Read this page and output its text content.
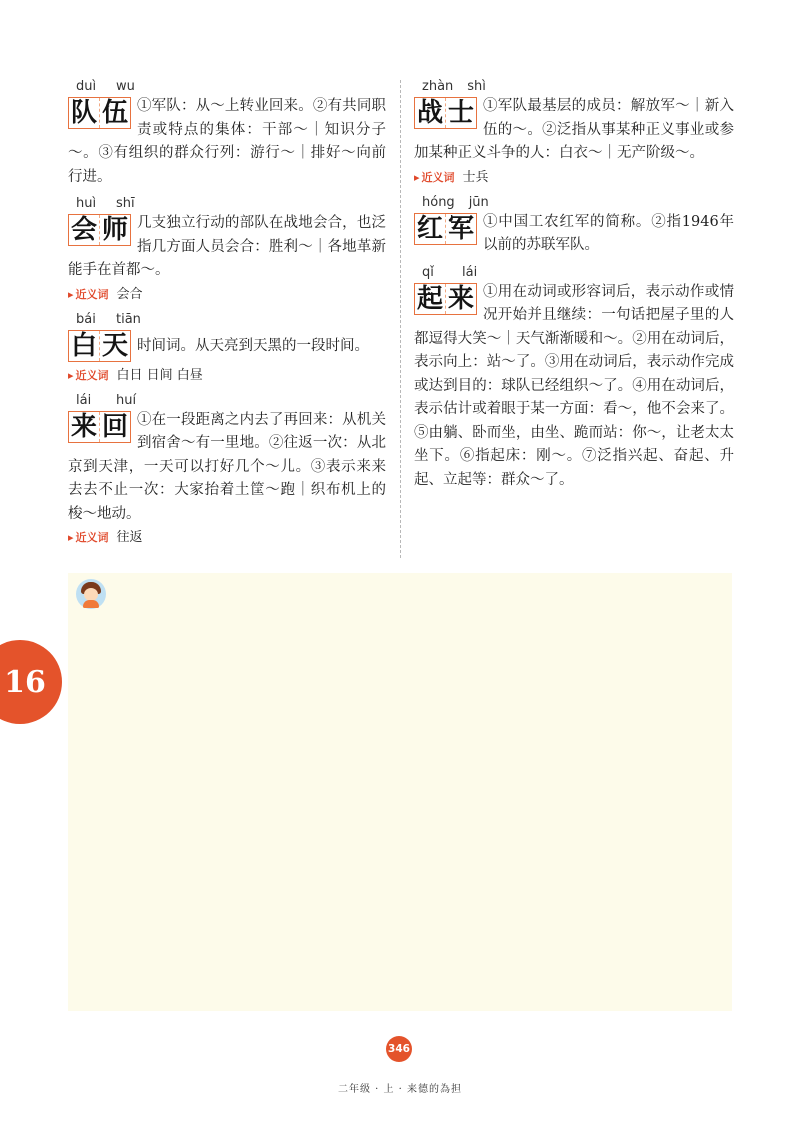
duì	wu
队 伍 ①军队：从～上转业回来。②有共同职责或特点的集体：干部～｜知识分子～。③有组织的群众行列：游行～｜排好～向前行进。
huì	shī
会 师 几支独立行动的部队在战地会合，也泛指几方面人员会合：胜利～｜各地革新能手在首都～。
▸ 近义词 会合
bái	tiān
白 天 时间词。从天亮到天黑的一段时间。
▸ 近义词 白日 日间 白昼
lái	huí
来 回 ①在一段距离之内去了再回来：从机关到宿舍～有一里地。②往返一次：从北京到天津，一天可以打好几个～儿。③表示来来去去不止一次：大家抬着土筐～跑｜织布机上的梭～地动。
▸ 近义词 往返
zhàn shì
战 士 ①军队最基层的成员：解放军～｜新入伍的～。②泛指从事某种正义事业或参加某种正义斗争的人：白衣～｜无产阶级～。
▸ 近义词 士兵
hóng jūn
红 军 ①中国工农红军的简称。②指1946年以前的苏联军队。
qǐ	lái
起 来 ①用在动词或形容词后，表示动作或情况开始并且继续：一句话把屋子里的人都逗得大笑～｜天气渐渐暖和～。②用在动词后，表示向上：站～了。③用在动词后，表示动作完成或达到目的：球队已经组织～了。④用在动词后，表示估计或着眼于某一方面：看～，他不会来了。⑤由躺、卧而坐，由坐、跪而站：你～，让老太太坐下。⑥指起床：刚～。⑦泛指兴起、奋起、升起、立起等：群众～了。
16
346
二年级 · 上 · 来德的為担
